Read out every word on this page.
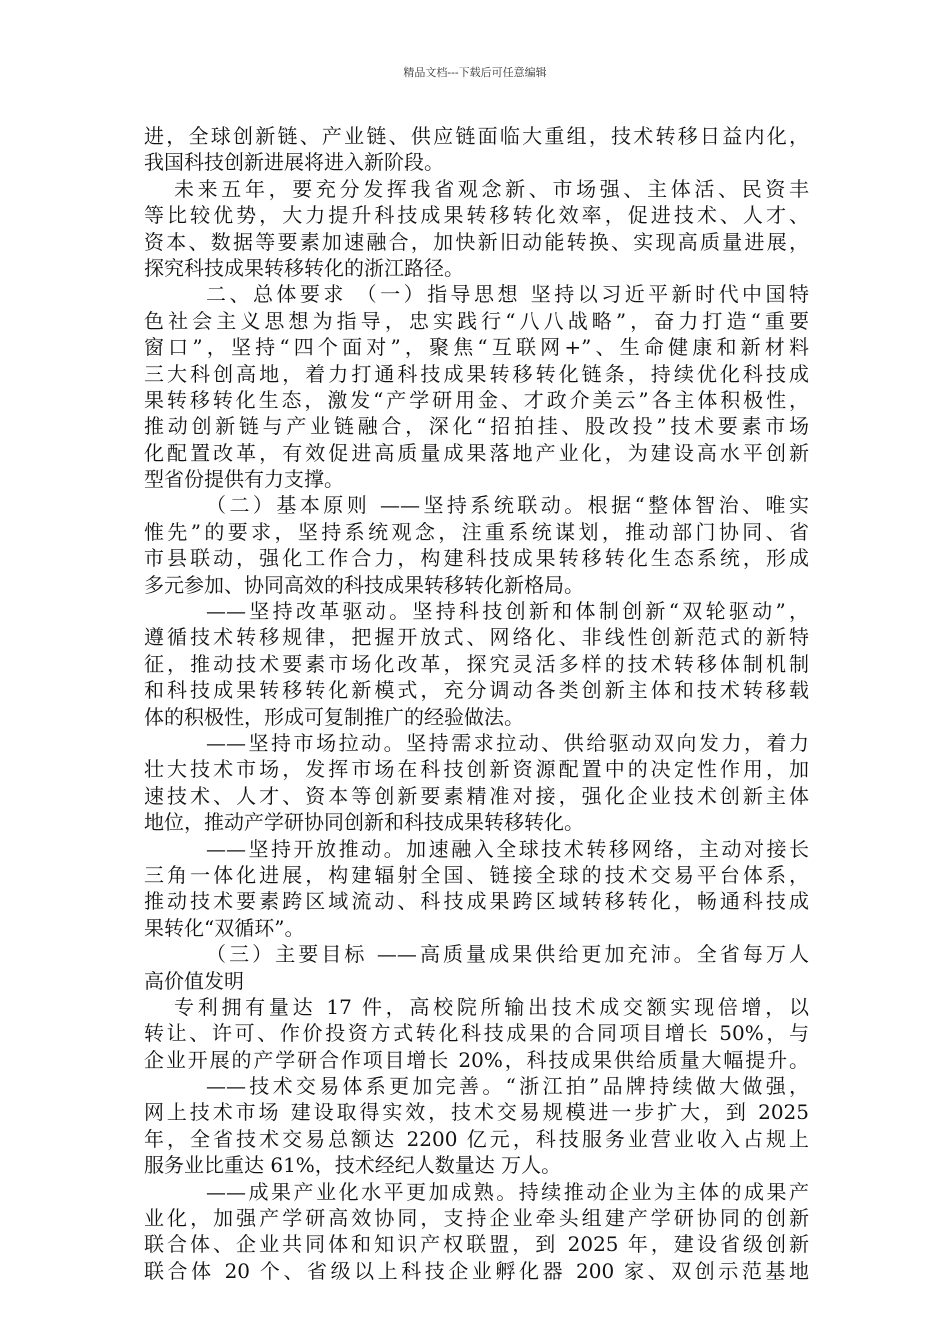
精品文档---下载后可任意编辑
进，全球创新链、产业链、供应链面临大重组，技术转移日益内化，
我国科技创新进展将进入新阶段。
未来五年，要充分发挥我省观念新、市场强、主体活、民资丰
等比较优势，大力提升科技成果转移转化效率，促进技术、人才、
资本、数据等要素加速融合，加快新旧动能转换、实现高质量进展，
探究科技成果转移转化的浙江路径。
二、总体要求 （一）指导思想 坚持以习近平新时代中国特
色社会主义思想为指导，忠实践行“八八战略”，奋力打造“重要
窗口”，坚持“四个面对”，聚焦“互联网+”、生命健康和新材料
三大科创高地，着力打通科技成果转移转化链条，持续优化科技成
果转移转化生态，激发“产学研用金、才政介美云”各主体积极性，
推动创新链与产业链融合，深化“招拍挂、股改投”技术要素市场
化配置改革，有效促进高质量成果落地产业化，为建设高水平创新
型省份提供有力支撑。
（二）基本原则 ——坚持系统联动。根据“整体智治、唯实
惟先”的要求，坚持系统观念，注重系统谋划，推动部门协同、省
市县联动，强化工作合力，构建科技成果转移转化生态系统，形成
多元参加、协同高效的科技成果转移转化新格局。
——坚持改革驱动。坚持科技创新和体制创新“双轮驱动”，
遵循技术转移规律，把握开放式、网络化、非线性创新范式的新特
征，推动技术要素市场化改革，探究灵活多样的技术转移体制机制
和科技成果转移转化新模式，充分调动各类创新主体和技术转移载
体的积极性，形成可复制推广的经验做法。
——坚持市场拉动。坚持需求拉动、供给驱动双向发力，着力
壮大技术市场，发挥市场在科技创新资源配置中的决定性作用，加
速技术、人才、资本等创新要素精准对接，强化企业技术创新主体
地位，推动产学研协同创新和科技成果转移转化。
——坚持开放推动。加速融入全球技术转移网络，主动对接长
三角一体化进展，构建辐射全国、链接全球的技术交易平台体系，
推动技术要素跨区域流动、科技成果跨区域转移转化，畅通科技成
果转化“双循环”。
（三）主要目标 ——高质量成果供给更加充沛。全省每万人
高价值发明
专利拥有量达 17 件，高校院所输出技术成交额实现倍增，以
转让、许可、作价投资方式转化科技成果的合同项目增长 50%，与
企业开展的产学研合作项目增长 20%，科技成果供给质量大幅提升。
——技术交易体系更加完善。“浙江拍”品牌持续做大做强，
网上技术市场 建设取得实效，技术交易规模进一步扩大，到 2025
年，全省技术交易总额达 2200 亿元，科技服务业营业收入占规上
服务业比重达 61%，技术经纪人数量达 万人。
——成果产业化水平更加成熟。持续推动企业为主体的成果产
业化，加强产学研高效协同，支持企业牵头组建产学研协同的创新
联合体、企业共同体和知识产权联盟，到 2025 年，建设省级创新
联合体 20 个、省级以上科技企业孵化器 200 家、双创示范基地
